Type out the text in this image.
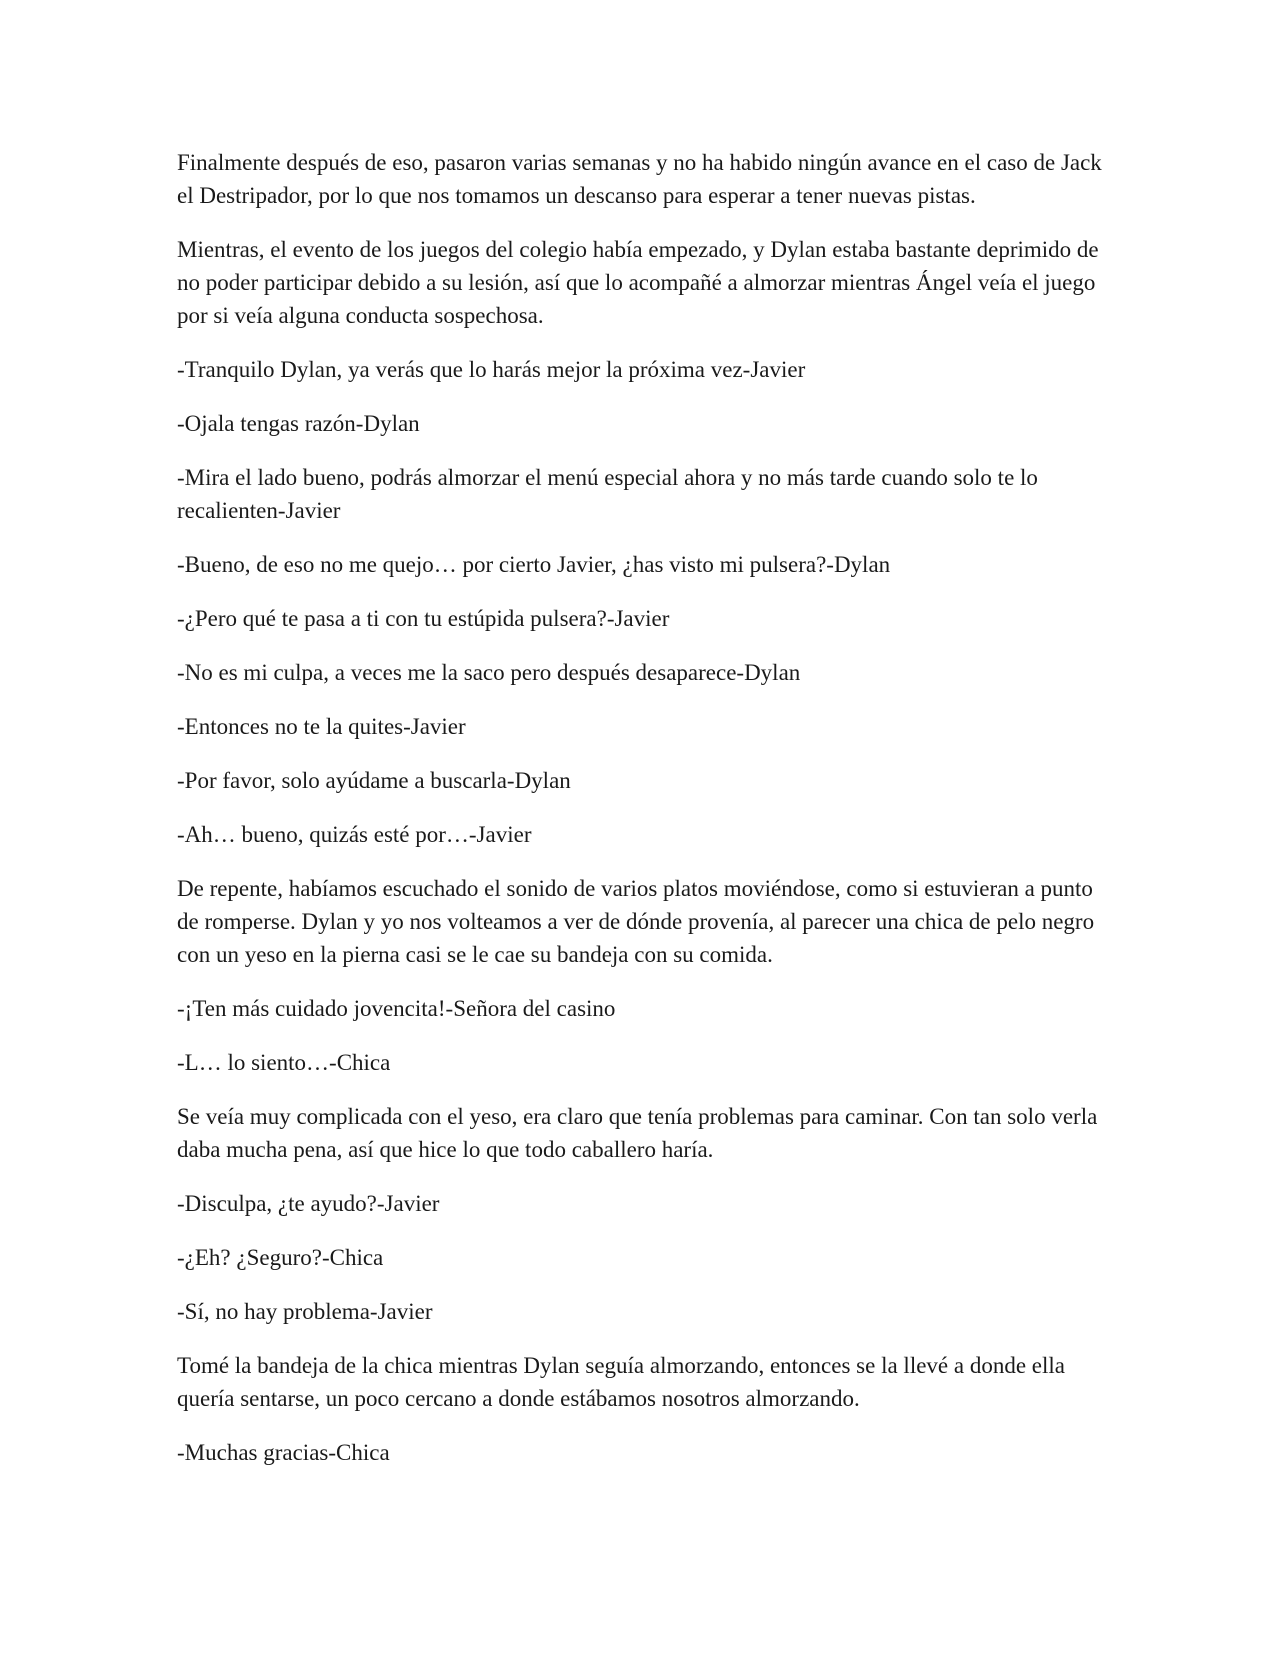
Finalmente después de eso, pasaron varias semanas y no ha habido ningún avance en el caso de Jack el Destripador, por lo que nos tomamos un descanso para esperar a tener nuevas pistas.

Mientras, el evento de los juegos del colegio había empezado, y Dylan estaba bastante deprimido de no poder participar debido a su lesión, así que lo acompañé a almorzar mientras Ángel veía el juego por si veía alguna conducta sospechosa.

-Tranquilo Dylan, ya verás que lo harás mejor la próxima vez-Javier

-Ojala tengas razón-Dylan

-Mira el lado bueno, podrás almorzar el menú especial ahora y no más tarde cuando solo te lo recalienten-Javier

-Bueno, de eso no me quejo… por cierto Javier, ¿has visto mi pulsera?-Dylan

-¿Pero qué te pasa a ti con tu estúpida pulsera?-Javier

-No es mi culpa, a veces me la saco pero después desaparece-Dylan

-Entonces no te la quites-Javier

-Por favor, solo ayúdame a buscarla-Dylan

-Ah… bueno, quizás esté por…-Javier

De repente, habíamos escuchado el sonido de varios platos moviéndose, como si estuvieran a punto de romperse. Dylan y yo nos volteamos a ver de dónde provenía, al parecer una chica de pelo negro con un yeso en la pierna casi se le cae su bandeja con su comida.

-¡Ten más cuidado jovencita!-Señora del casino

-L… lo siento…-Chica

Se veía muy complicada con el yeso, era claro que tenía problemas para caminar. Con tan solo verla daba mucha pena, así que hice lo que todo caballero haría.

-Disculpa, ¿te ayudo?-Javier

-¿Eh? ¿Seguro?-Chica

-Sí, no hay problema-Javier

Tomé la bandeja de la chica mientras Dylan seguía almorzando, entonces se la llevé a donde ella quería sentarse, un poco cercano a donde estábamos nosotros almorzando.

-Muchas gracias-Chica
